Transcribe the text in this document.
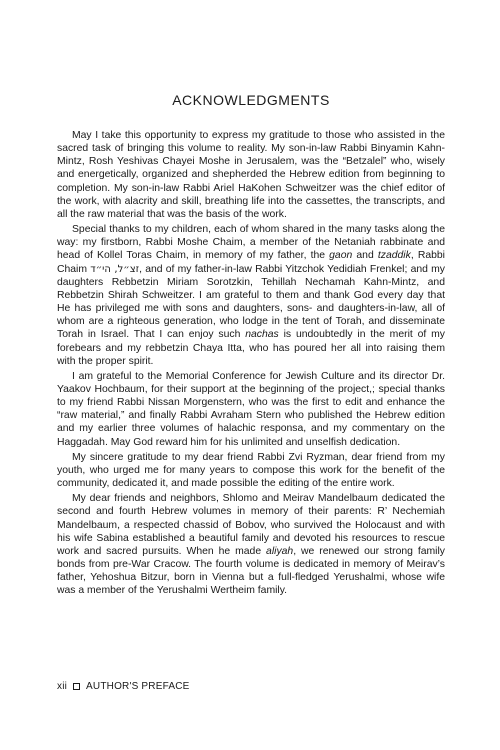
ACKNOWLEDGMENTS

May I take this opportunity to express my gratitude to those who assisted in the sacred task of bringing this volume to reality. My son-in-law Rabbi Binyamin Kahn-Mintz, Rosh Yeshivas Chayei Moshe in Jerusalem, was the “Betzalel” who, wisely and energetically, organized and shepherded the Hebrew edition from beginning to completion. My son-in-law Rabbi Ariel HaKohen Schweitzer was the chief editor of the work, with alacrity and skill, breathing life into the cassettes, the transcripts, and all the raw material that was the basis of the work.

Special thanks to my children, each of whom shared in the many tasks along the way: my firstborn, Rabbi Moshe Chaim, a member of the Netaniah rabbinate and head of Kollel Toras Chaim, in memory of my father, the gaon and tzaddik, Rabbi Chaim זצ״ל, הי״ד, and of my father-in-law Rabbi Yitzchok Yedidiah Frenkel; and my daughters Rebbetzin Miriam Sorotzkin, Tehillah Nechamah Kahn-Mintz, and Rebbetzin Shirah Schweitzer. I am grateful to them and thank God every day that He has privileged me with sons and daughters, sons- and daughters-in-law, all of whom are a righteous generation, who lodge in the tent of Torah, and disseminate Torah in Israel. That I can enjoy such nachas is undoubtedly in the merit of my forebears and my rebbetzin Chaya Itta, who has poured her all into raising them with the proper spirit.

I am grateful to the Memorial Conference for Jewish Culture and its director Dr. Yaakov Hochbaum, for their support at the beginning of the project,; special thanks to my friend Rabbi Nissan Morgenstern, who was the first to edit and enhance the “raw material,” and finally Rabbi Avraham Stern who published the Hebrew edition and my earlier three volumes of halachic responsa, and my commentary on the Haggadah. May God reward him for his unlimited and unselfish dedication.

My sincere gratitude to my dear friend Rabbi Zvi Ryzman, dear friend from my youth, who urged me for many years to compose this work for the benefit of the community, dedicated it, and made possible the editing of the entire work.

My dear friends and neighbors, Shlomo and Meirav Mandelbaum dedicated the second and fourth Hebrew volumes in memory of their parents: R’ Nechemiah Mandelbaum, a respected chassid of Bobov, who survived the Holocaust and with his wife Sabina established a beautiful family and devoted his resources to rescue work and sacred pursuits. When he made aliyah, we renewed our strong family bonds from pre-War Cracow. The fourth volume is dedicated in memory of Meirav’s father, Yehoshua Bitzur, born in Vienna but a full-fledged Yerushalmi, whose wife was a member of the Yerushalmi Wertheim family.

xii AUTHOR'S PREFACE
